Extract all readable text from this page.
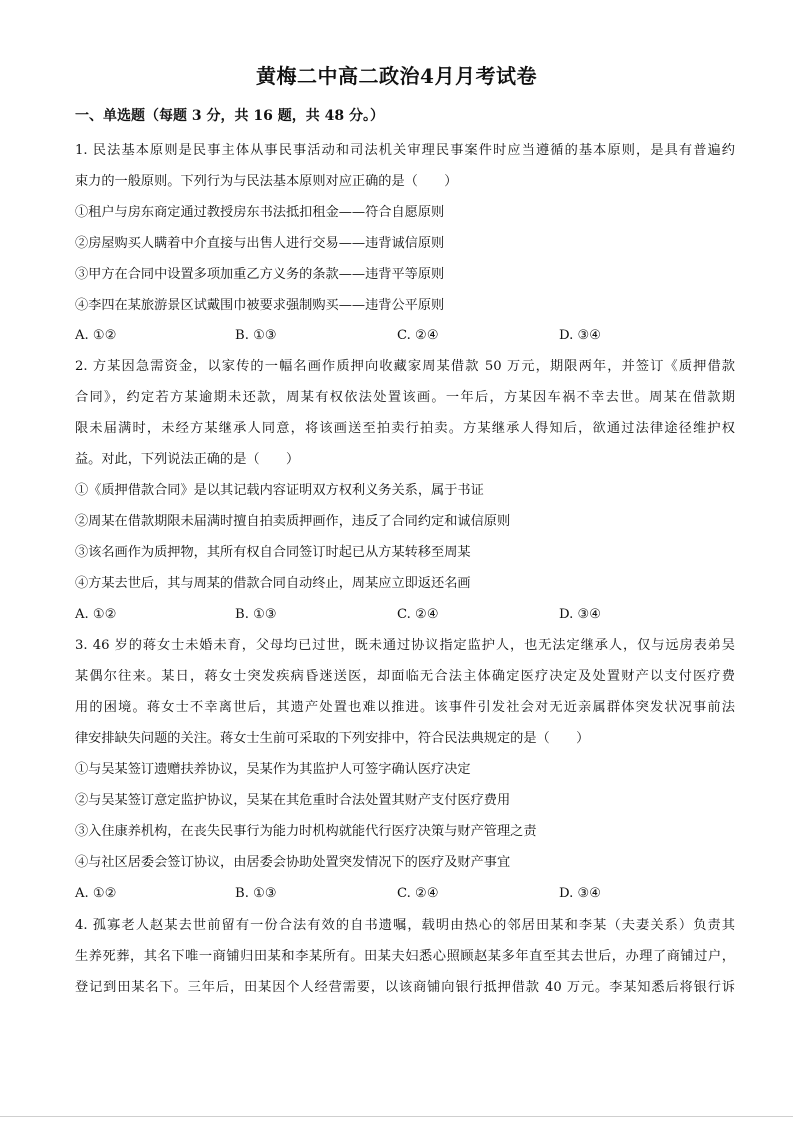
黄梅二中高二政治4月月考试卷
一、单选题（每题 3 分，共 16 题，共 48 分。）
1. 民法基本原则是民事主体从事民事活动和司法机关审理民事案件时应当遵循的基本原则，是具有普遍约
束力的一般原则。下列行为与民法基本原则对应正确的是（　　）
①租户与房东商定通过教授房东书法抵扣租金——符合自愿原则
②房屋购买人瞒着中介直接与出售人进行交易——违背诚信原则
③甲方在合同中设置多项加重乙方义务的条款——违背平等原则
④李四在某旅游景区试戴围巾被要求强制购买——违背公平原则
A. ①②	B. ①③	C. ②④	D. ③④
2. 方某因急需资金，以家传的一幅名画作质押向收藏家周某借款 50 万元，期限两年，并签订《质押借款
合同》，约定若方某逾期未还款，周某有权依法处置该画。一年后，方某因车祸不幸去世。周某在借款期
限未届满时，未经方某继承人同意，将该画送至拍卖行拍卖。方某继承人得知后，欲通过法律途径维护权
益。对此，下列说法正确的是（　　）
①《质押借款合同》是以其记载内容证明双方权利义务关系，属于书证
②周某在借款期限未届满时擅自拍卖质押画作，违反了合同约定和诚信原则
③该名画作为质押物，其所有权自合同签订时起已从方某转移至周某
④方某去世后，其与周某的借款合同自动终止，周某应立即返还名画
A. ①②	B. ①③	C. ②④	D. ③④
3. 46 岁的蒋女士未婚未育，父母均已过世，既未通过协议指定监护人，也无法定继承人，仅与远房表弟吴
某偶尔往来。某日，蒋女士突发疾病昏迷送医，却面临无合法主体确定医疗决定及处置财产以支付医疗费
用的困境。蒋女士不幸离世后，其遗产处置也难以推进。该事件引发社会对无近亲属群体突发状况事前法
律安排缺失问题的关注。蒋女士生前可采取的下列安排中，符合民法典规定的是（　　）
①与吴某签订遗赠扶养协议，吴某作为其监护人可签字确认医疗决定
②与吴某签订意定监护协议，吴某在其危重时合法处置其财产支付医疗费用
③入住康养机构，在丧失民事行为能力时机构就能代行医疗决策与财产管理之责
④与社区居委会签订协议，由居委会协助处置突发情况下的医疗及财产事宜
A. ①②	B. ①③	C. ②④	D. ③④
4. 孤寡老人赵某去世前留有一份合法有效的自书遗嘱，载明由热心的邻居田某和李某（夫妻关系）负责其
生养死葬，其名下唯一商铺归田某和李某所有。田某夫妇悉心照顾赵某多年直至其去世后，办理了商铺过户，
登记到田某名下。三年后，田某因个人经营需要，以该商铺向银行抵押借款 40 万元。李某知悉后将银行诉
